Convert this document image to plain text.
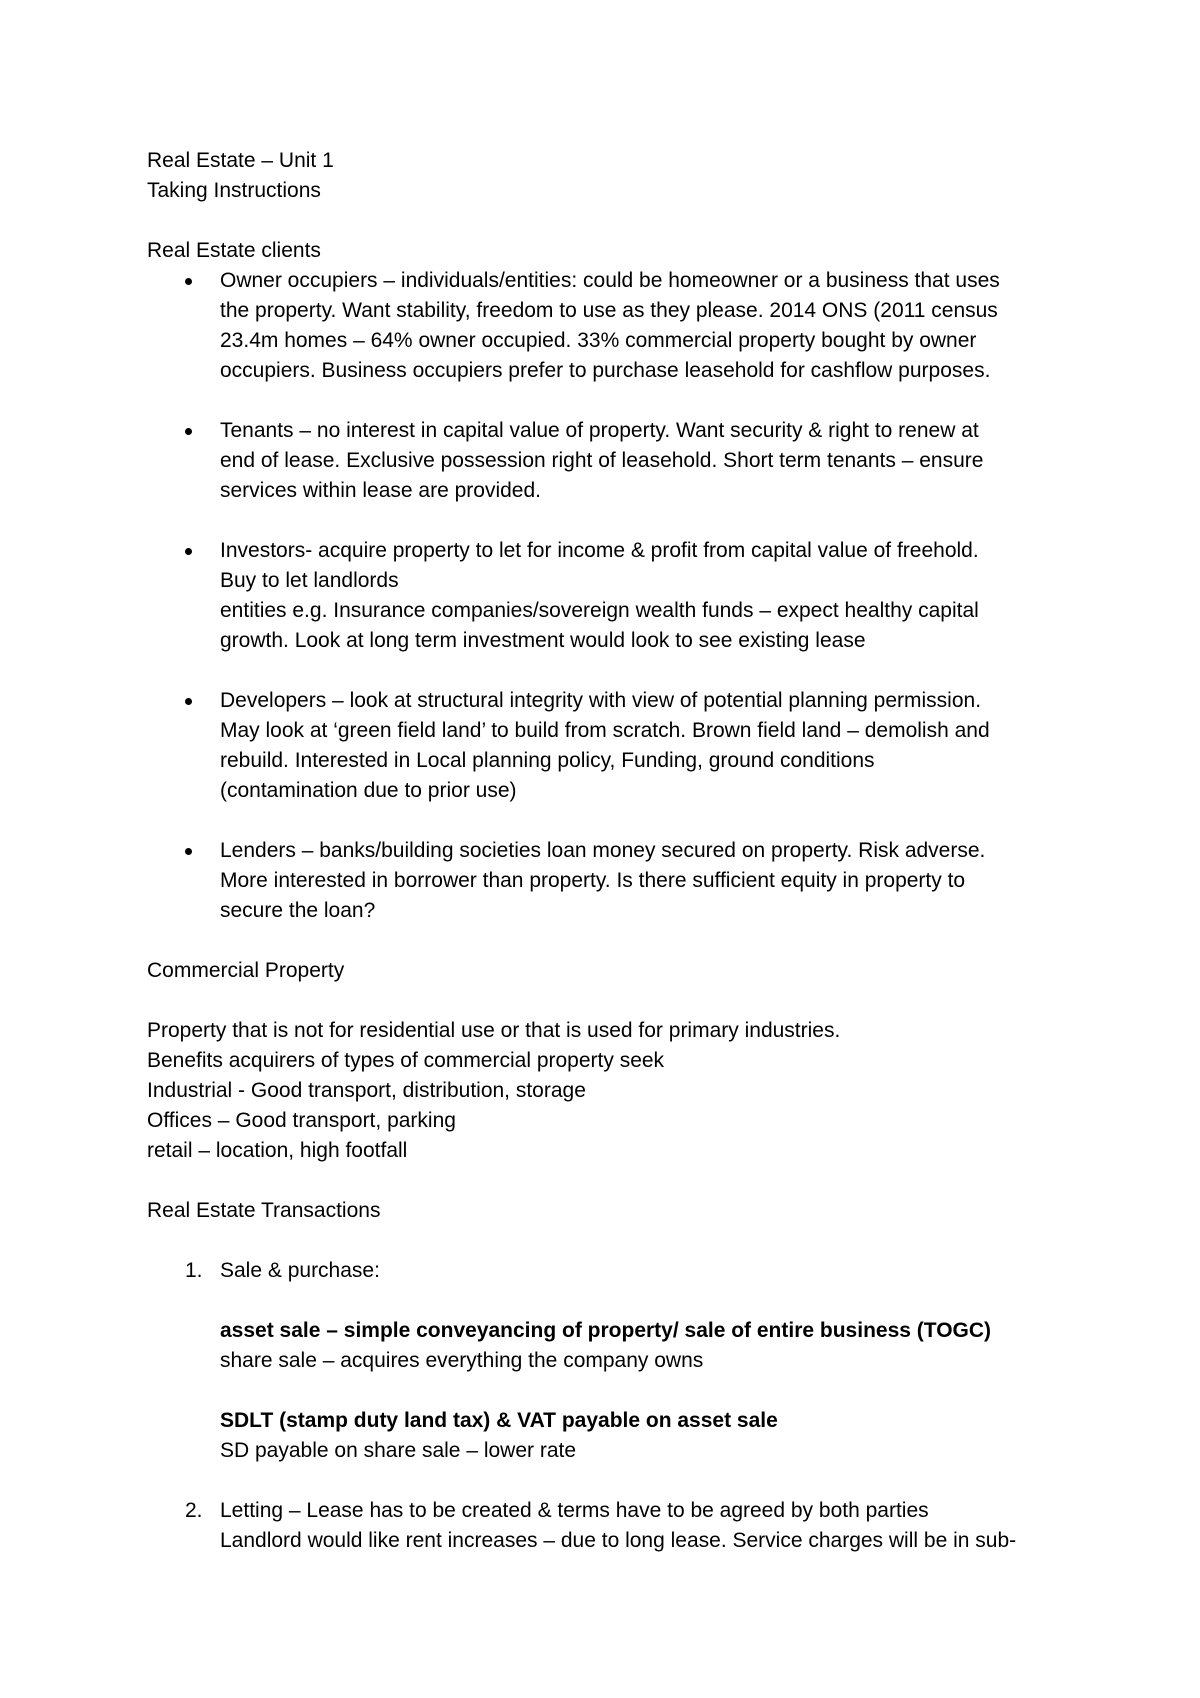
Real Estate – Unit 1
Taking Instructions
Real Estate clients
Owner occupiers – individuals/entities: could be homeowner or a business that uses
the property. Want stability, freedom to use as they please. 2014 ONS (2011 census
23.4m homes – 64% owner occupied. 33% commercial property bought by owner
occupiers. Business occupiers prefer to purchase leasehold for cashflow purposes.
Tenants – no interest in capital value of property. Want security & right to renew at
end of lease. Exclusive possession right of leasehold. Short term tenants – ensure
services within lease are provided.
Investors- acquire property to let for income & profit from capital value of freehold.
Buy to let landlords
entities e.g. Insurance companies/sovereign wealth funds – expect healthy capital
growth. Look at long term investment would look to see existing lease
Developers – look at structural integrity with view of potential planning permission.
May look at ‘green field land’ to build from scratch. Brown field land – demolish and
rebuild. Interested in Local planning policy, Funding, ground conditions
(contamination due to prior use)
Lenders – banks/building societies loan money secured on property. Risk adverse.
More interested in borrower than property. Is there sufficient equity in property to
secure the loan?
Commercial Property
Property that is not for residential use or that is used for primary industries.
Benefits acquirers of types of commercial property seek
Industrial - Good transport, distribution, storage
Offices – Good transport, parking
retail – location, high footfall
Real Estate Transactions
1. Sale & purchase:
asset sale – simple conveyancing of property/ sale of entire business (TOGC)
share sale – acquires everything the company owns
SDLT (stamp duty land tax) & VAT payable on asset sale
SD payable on share sale – lower rate
2. Letting – Lease has to be created & terms have to be agreed by both parties
Landlord would like rent increases – due to long lease. Service charges will be in sub-
